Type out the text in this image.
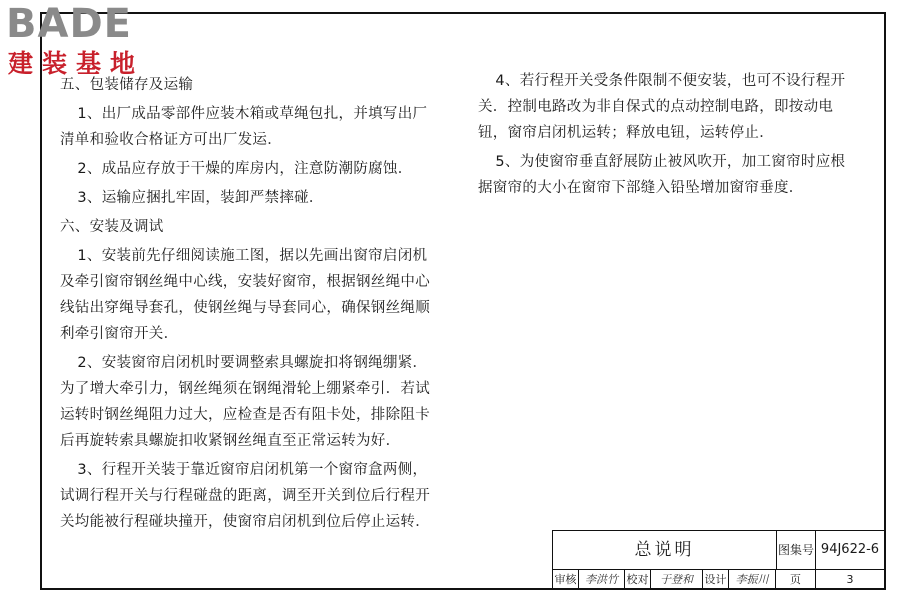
BADE
建装基地

五、包装储存及运输

1、出厂成品零部件应装木箱或草绳包扎，并填写出厂清单和验收合格证方可出厂发运．

2、成品应存放于干燥的库房内，注意防潮防腐蚀．

3、运输应捆扎牢固，装卸严禁摔碰．

六、安装及调试

1、安装前先仔细阅读施工图，据以先画出窗帘启闭机及牵引窗帘钢丝绳中心线，安装好窗帘，根据钢丝绳中心线钻出穿绳导套孔，使钢丝绳与导套同心，确保钢丝绳顺利牵引窗帘开关．

2、安装窗帘启闭机时要调整索具螺旋扣将钢绳绷紧．为了增大牵引力，钢丝绳须在钢绳滑轮上绷紧牵引．若试运转时钢丝绳阻力过大，应检查是否有阻卡处，排除阻卡后再旋转索具螺旋扣收紧钢丝绳直至正常运转为好．

3、行程开关装于靠近窗帘启闭机第一个窗帘盒两侧，试调行程开关与行程碰盘的距离，调至开关到位后行程开关均能被行程碰块撞开，使窗帘启闭机到位后停止运转．

4、若行程开关受条件限制不便安装，也可不设行程开关．控制电路改为非自保式的点动控制电路，即按动电钮，窗帘启闭机运转；释放电钮，运转停止．

5、为使窗帘垂直舒展防止被风吹开，加工窗帘时应根据窗帘的大小在窗帘下部缝入铅坠增加窗帘垂度．

总说明	图集号 94J622-6
审核 李洪竹 校对	于登和	设计 李振川	页	3
